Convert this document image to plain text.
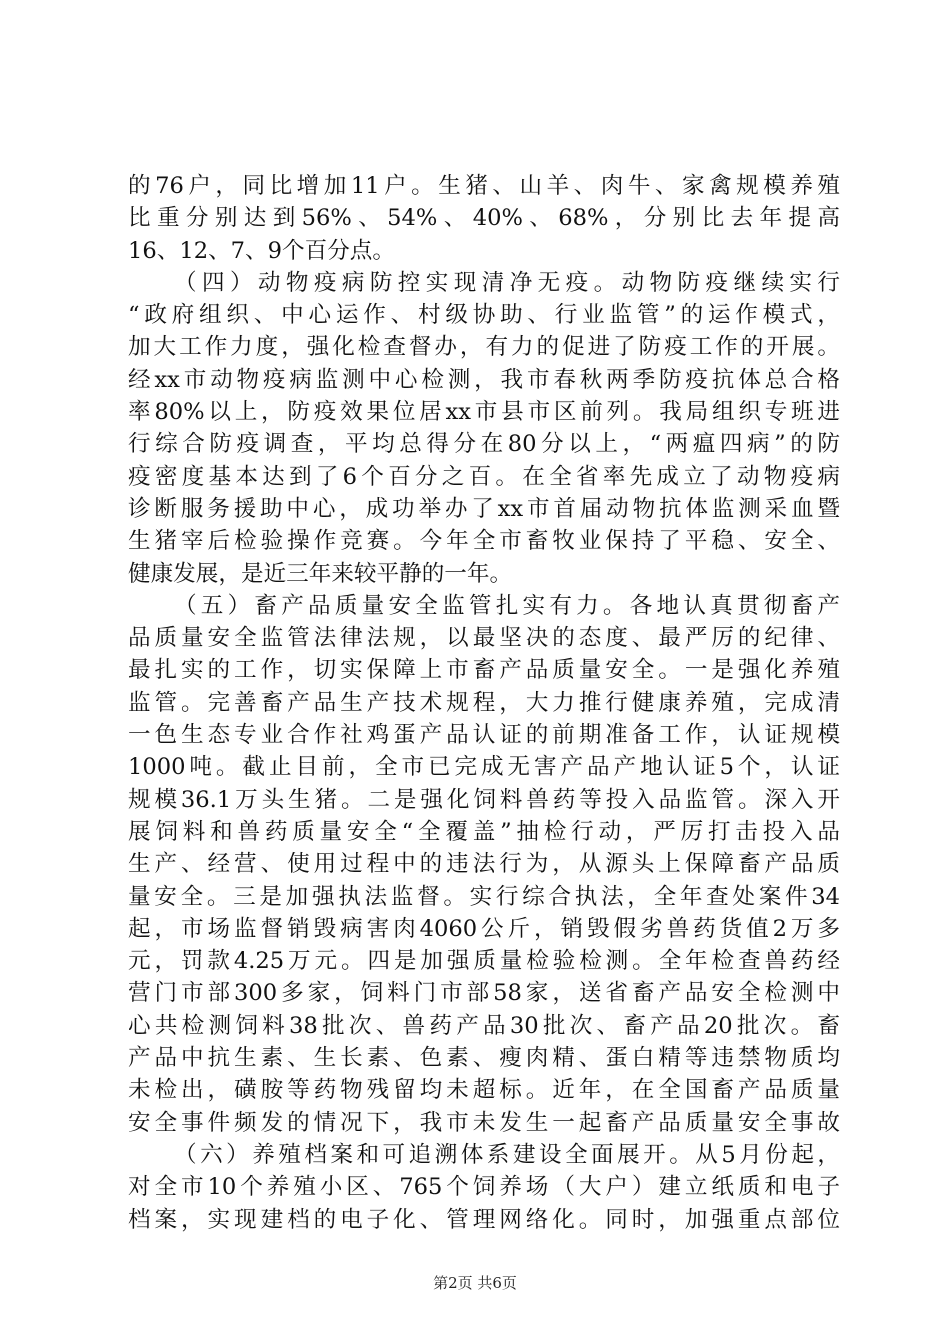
的76户，同比增加11户。生猪、山羊、肉牛、家禽规模养殖
比重分别达到56%、54%、40%、68%，分别比去年提高
16、12、7、9个百分点。
（四）动物疫病防控实现清净无疫。动物防疫继续实行
“政府组织、中心运作、村级协助、行业监管”的运作模式，
加大工作力度，强化检查督办，有力的促进了防疫工作的开展。
经xx市动物疫病监测中心检测，我市春秋两季防疫抗体总合格
率80%以上，防疫效果位居xx市县市区前列。我局组织专班进
行综合防疫调查，平均总得分在80分以上，“两瘟四病”的防
疫密度基本达到了6个百分之百。在全省率先成立了动物疫病
诊断服务援助中心，成功举办了xx市首届动物抗体监测采血暨
生猪宰后检验操作竞赛。今年全市畜牧业保持了平稳、安全、
健康发展，是近三年来较平静的一年。
（五）畜产品质量安全监管扎实有力。各地认真贯彻畜产
品质量安全监管法律法规，以最坚决的态度、最严厉的纪律、
最扎实的工作，切实保障上市畜产品质量安全。一是强化养殖
监管。完善畜产品生产技术规程，大力推行健康养殖，完成清
一色生态专业合作社鸡蛋产品认证的前期准备工作，认证规模
1000吨。截止目前，全市已完成无害产品产地认证5个，认证
规模36.1万头生猪。二是强化饲料兽药等投入品监管。深入开
展饲料和兽药质量安全“全覆盖”抽检行动，严厉打击投入品
生产、经营、使用过程中的违法行为，从源头上保障畜产品质
量安全。三是加强执法监督。实行综合执法，全年查处案件34
起，市场监督销毁病害肉4060公斤，销毁假劣兽药货值2万多
元，罚款4.25万元。四是加强质量检验检测。全年检查兽药经
营门市部300多家，饲料门市部58家，送省畜产品安全检测中
心共检测饲料38批次、兽药产品30批次、畜产品20批次。畜
产品中抗生素、生长素、色素、瘦肉精、蛋白精等违禁物质均
未检出，磺胺等药物残留均未超标。近年，在全国畜产品质量
安全事件频发的情况下，我市未发生一起畜产品质量安全事故
（六）养殖档案和可追溯体系建设全面展开。从5月份起，
对全市10个养殖小区、765个饲养场（大户）建立纸质和电子
档案，实现建档的电子化、管理网络化。同时，加强重点部位
第2页 共6页
